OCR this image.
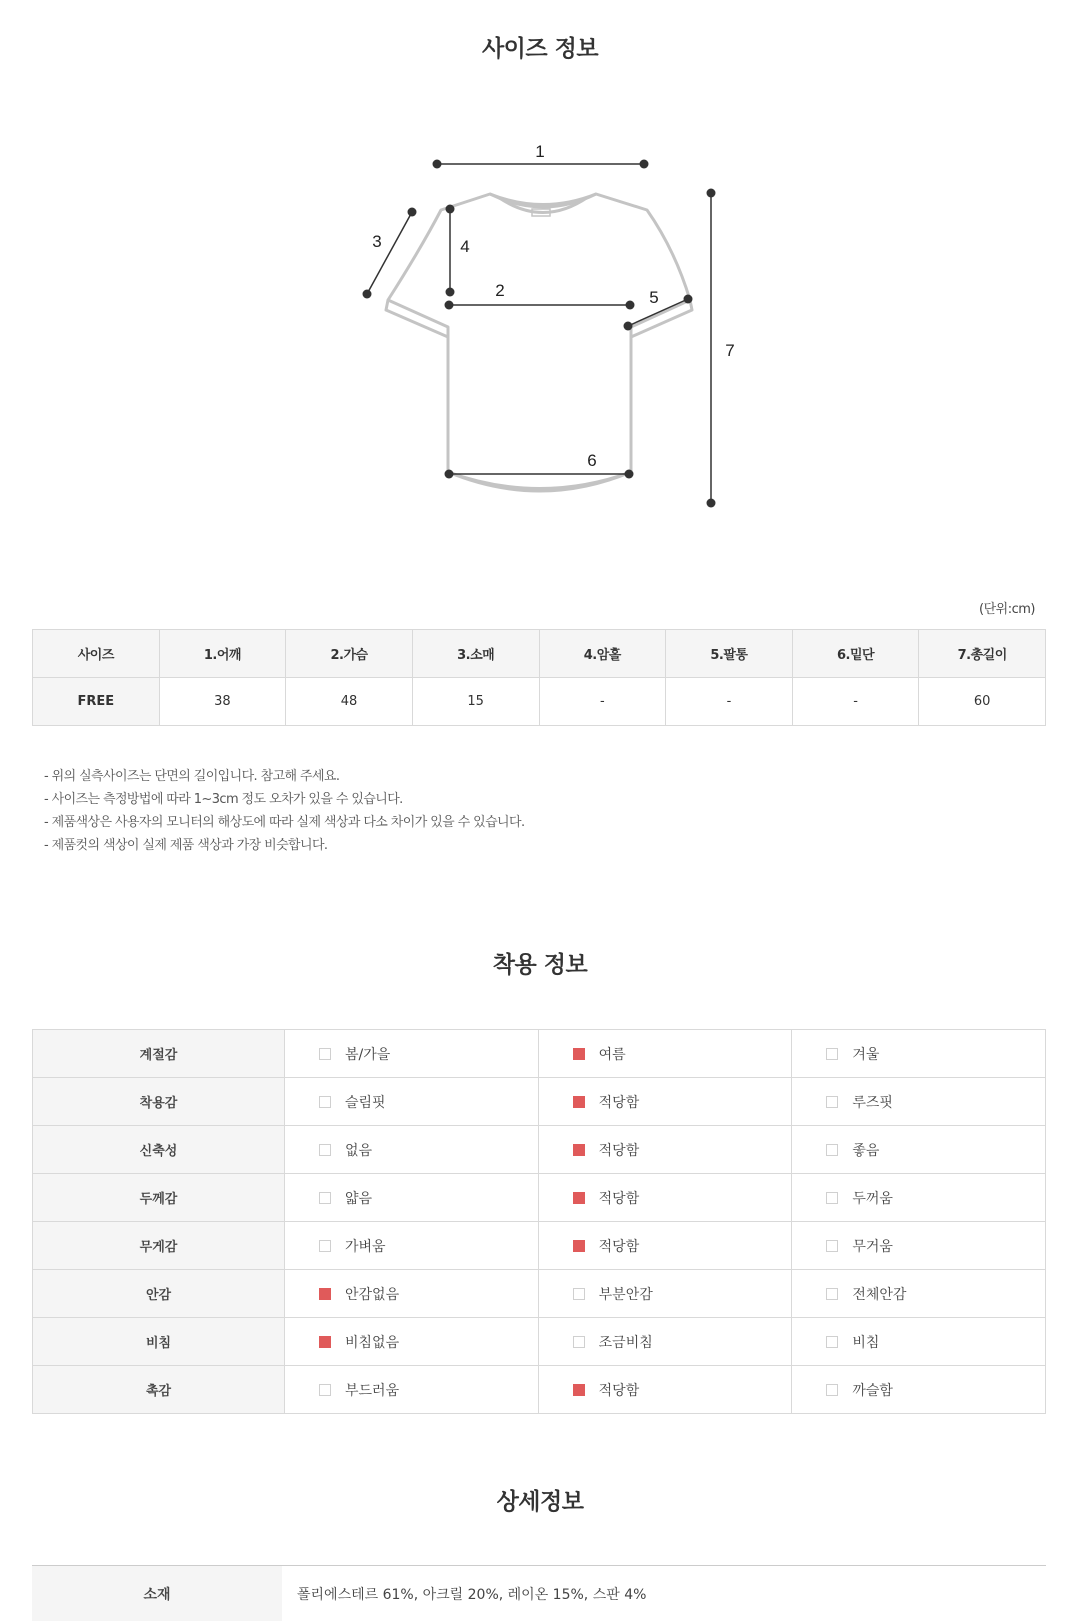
사이즈 정보
1
2
3	4
5
6
7
(단위:cm)
사이즈	1.어깨	2.가슴	3.소매	4.암홀	5.팔통	6.밑단	7.총길이
FREE	38	48	15	-	-	-	60
- 위의 실측사이즈는 단면의 길이입니다. 참고해 주세요.
- 사이즈는 측정방법에 따라 1~3cm 정도 오차가 있을 수 있습니다.
- 제품색상은 사용자의 모니터의 해상도에 따라 실제 색상과 다소 차이가 있을 수 있습니다.
- 제품컷의 색상이 실제 제품 색상과 가장 비슷합니다.
착용 정보
계절감	봄/가을	여름	겨울

착용감	슬림핏	적당함	루즈핏

신축성	없음	적당함	좋음

두께감	얇음	적당함	두꺼움

무게감	가벼움	적당함	무거움

안감	안감없음	부분안감	전체안감

비침	비침없음	조금비침	비침

촉감	부드러움	적당함	까슬함
상세정보
소재	폴리에스테르 61%, 아크릴 20%, 레이온 15%, 스판 4%
